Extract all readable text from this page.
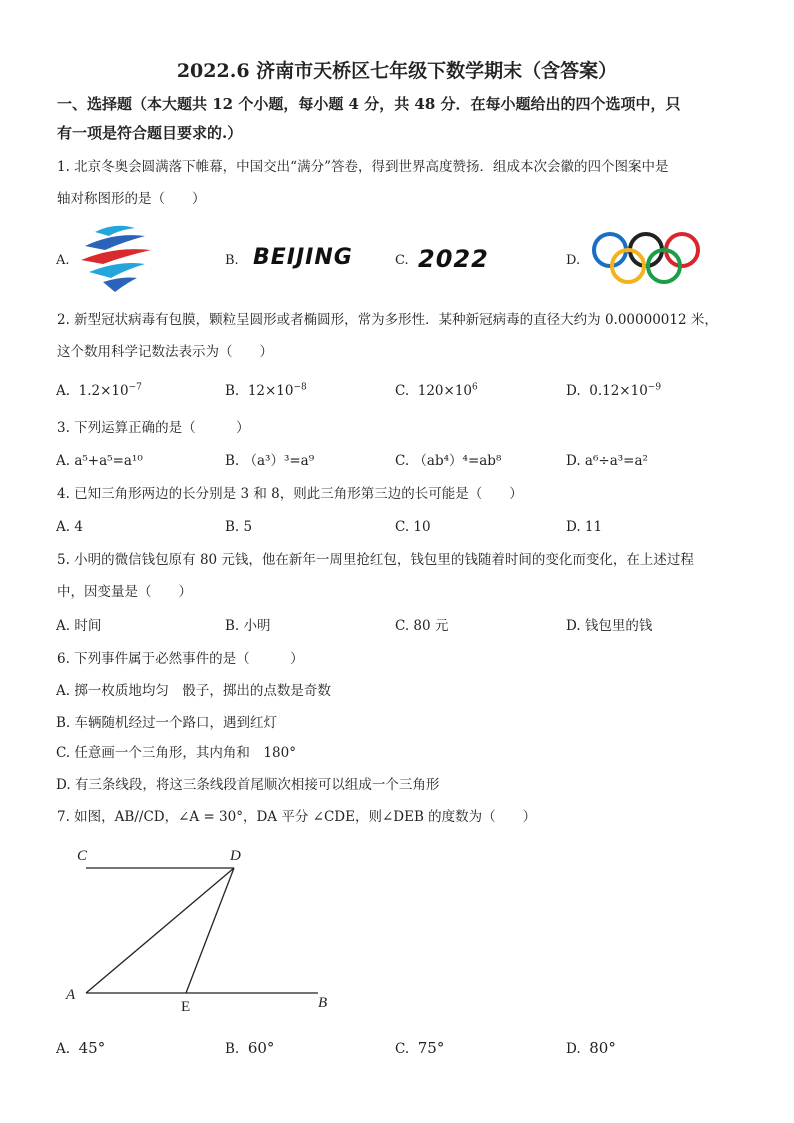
2022.6 济南市天桥区七年级下数学期末（含答案）
一、选择题（本大题共 12 个小题，每小题 4 分，共 48 分．在每小题给出的四个选项中，只
有一项是符合题目要求的.）
1. 北京冬奥会圆满落下帷幕，中国交出“满分”答卷，得到世界高度赞扬．组成本次会徽的四个图案中是
轴对称图形的是（　　）
A.	B. BEIJING	C. 2022	D.
2. 新型冠状病毒有包膜，颗粒呈圆形或者椭圆形，常为多形性．某种新冠病毒的直径大约为 0.00000012 米，
这个数用科学记数法表示为（　　）
A. $1.2\times 10^{-7}$	B. $12\times 10^{-8}$	C. $120\times 10^6$	D. $0.12\times 10^{-9}$
3. 下列运算正确的是（　　　）
A. a⁵+a⁵=a¹⁰	B. （a³）³=a⁹	C. （ab⁴）⁴=ab⁸	D. a⁶÷a³=a²
4. 已知三角形两边的长分别是 3 和 8，则此三角形第三边的长可能是（　　）
A. 4	B. 5	C. 10	D. 11
5. 小明的微信钱包原有 80 元钱，他在新年一周里抢红包，钱包里的钱随着时间的变化而变化，在上述过程
中，因变量是（　　）
A. 时间	B. 小明	C. 80 元	D. 钱包里的钱
6. 下列事件属于必然事件的是（　　　）
A. 掷一枚质地均匀　骰子，掷出的点数是奇数
B. 车辆随机经过一个路口，遇到红灯
C. 任意画一个三角形，其内角和　180°
D. 有三条线段，将这三条线段首尾顺次相接可以组成一个三角形
7. 如图，AB//CD，∠A = 30°，DA 平分 ∠CDE，则∠DEB 的度数为（　　）
C	D
A
E	B
A. 45°	B. 60°	C. 75°	D. 80°
